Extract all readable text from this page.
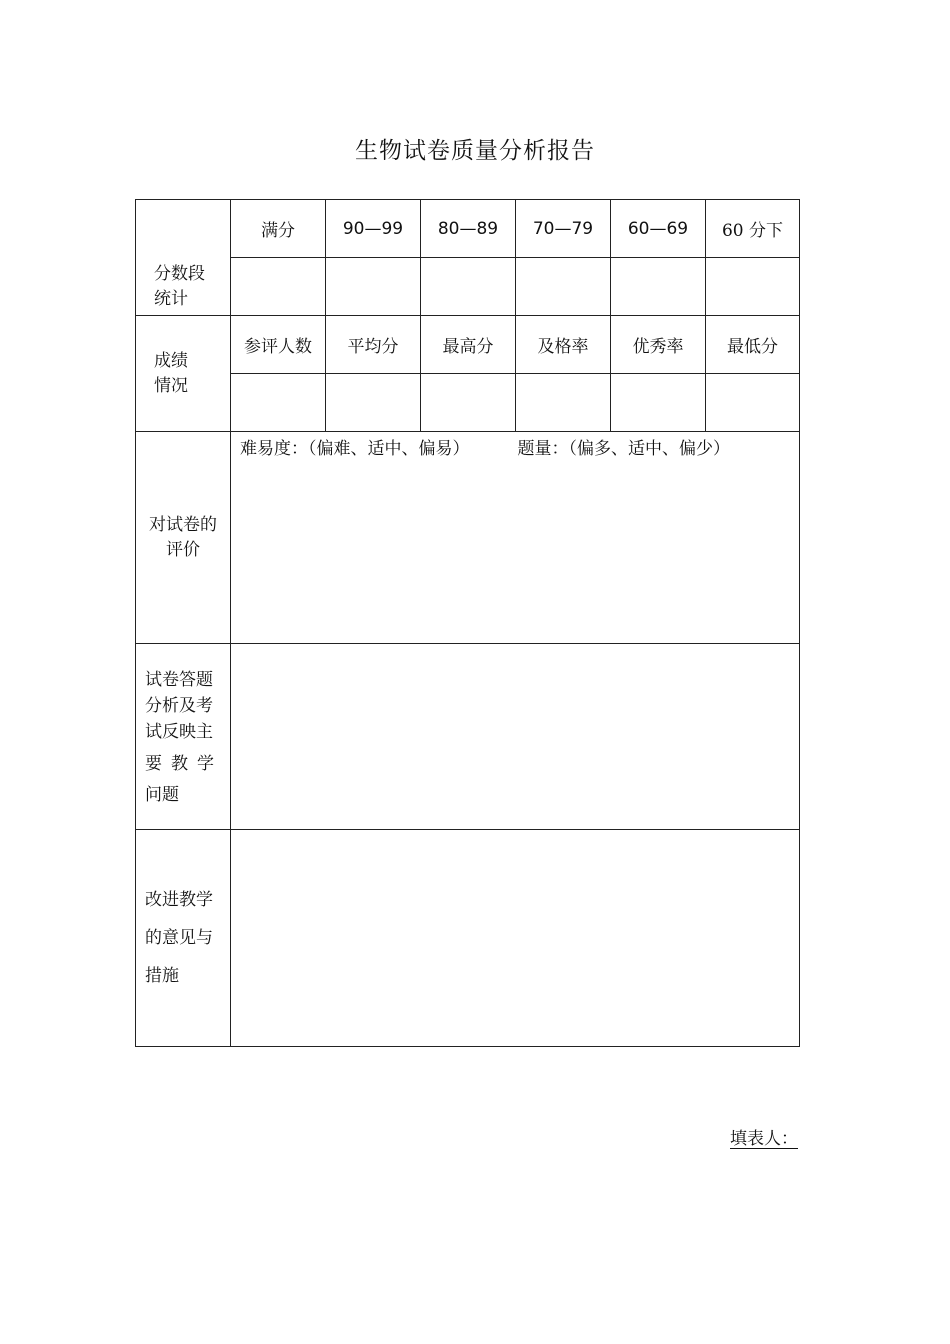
生物试卷质量分析报告
分数段
统计	满分	90—99	80—89	70—79	60—69	60 分下

成绩
情况	参评人数	平均分	最高分	及格率	优秀率	最低分

对试卷的
评价	难易度：（偏难、适中、偏易） 题量：（偏多、适中、偏少）					
试卷答题
分析及考
试反映主
要教学
问题						

改进教学
的意见与
措施						

填表人：
